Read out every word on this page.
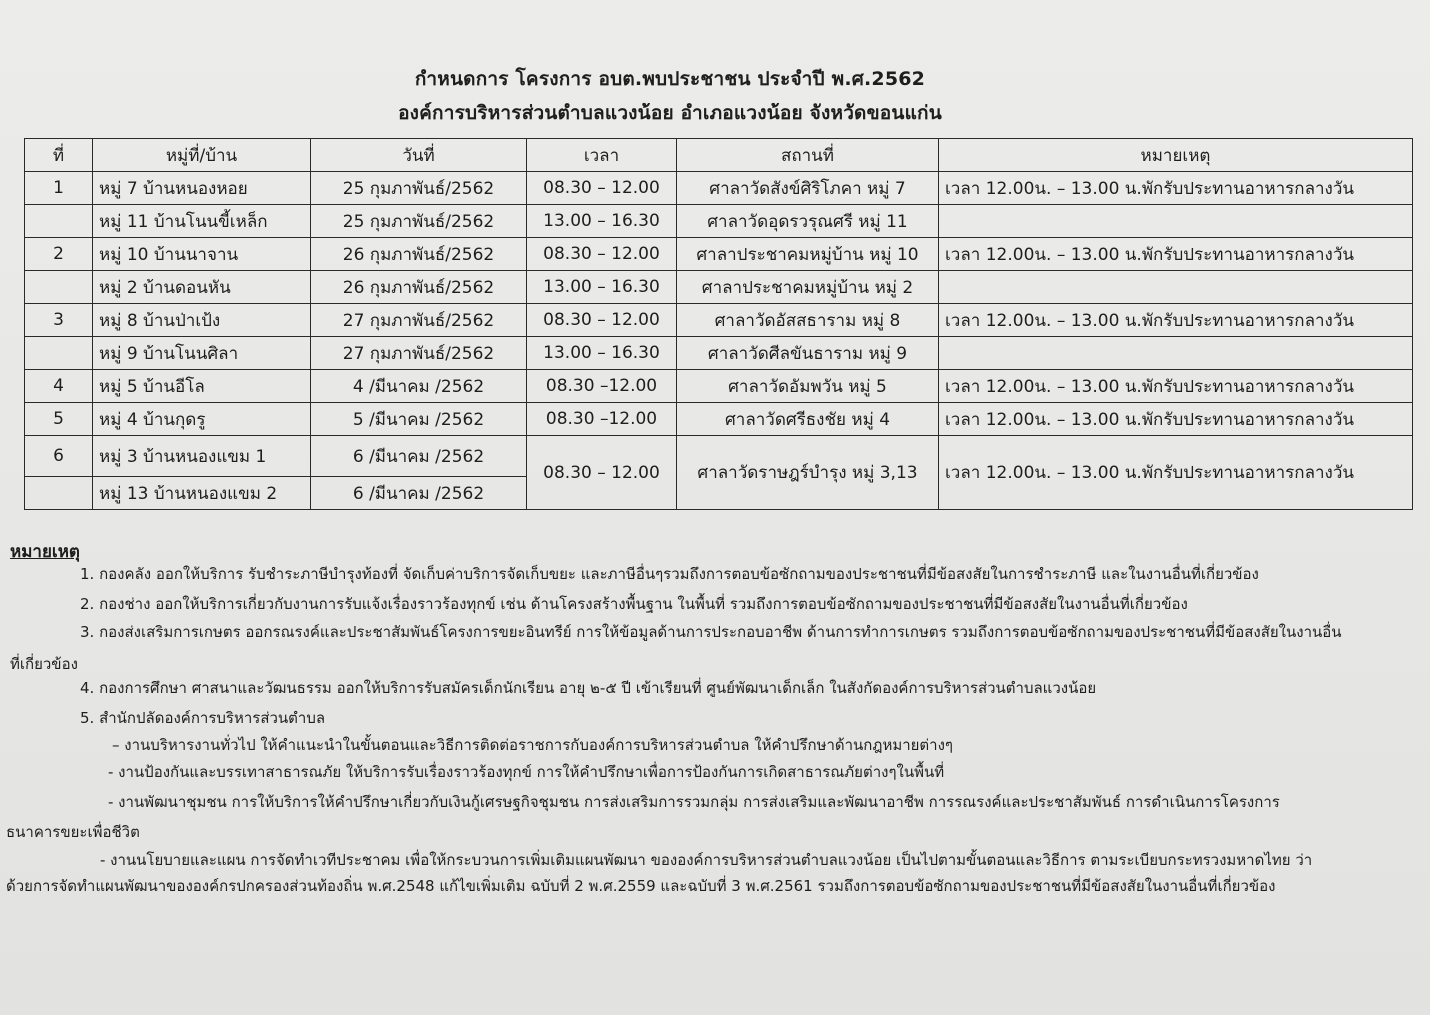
กำหนดการ โครงการ อบต.พบประชาชน ประจำปี พ.ศ.2562
องค์การบริหารส่วนตำบลแวงน้อย อำเภอแวงน้อย จังหวัดขอนแก่น
ที่	หมู่ที่/บ้าน	วันที่	เวลา	สถานที่	หมายเหตุ
1	หมู่ 7 บ้านหนองหอย	25 กุมภาพันธ์/2562	08.30 – 12.00	ศาลาวัดสังข์ศิริโภคา หมู่ 7	เวลา 12.00น. – 13.00 น.พักรับประทานอาหารกลางวัน
	หมู่ 11 บ้านโนนขี้เหล็ก	25 กุมภาพันธ์/2562	13.00 – 16.30	ศาลาวัดอุดรวรุณศรี หมู่ 11	
2	หมู่ 10 บ้านนาจาน	26 กุมภาพันธ์/2562	08.30 – 12.00	ศาลาประชาคมหมู่บ้าน หมู่ 10	เวลา 12.00น. – 13.00 น.พักรับประทานอาหารกลางวัน
	หมู่ 2 บ้านดอนหัน	26 กุมภาพันธ์/2562	13.00 – 16.30	ศาลาประชาคมหมู่บ้าน หมู่ 2	
3	หมู่ 8 บ้านป่าเป้ง	27 กุมภาพันธ์/2562	08.30 – 12.00	ศาลาวัดอัสสธาราม หมู่ 8	เวลา 12.00น. – 13.00 น.พักรับประทานอาหารกลางวัน
	หมู่ 9 บ้านโนนศิลา	27 กุมภาพันธ์/2562	13.00 – 16.30	ศาลาวัดศีลขันธาราม หมู่ 9	
4	หมู่ 5 บ้านอีโล	4 /มีนาคม /2562	08.30 –12.00	ศาลาวัดอัมพวัน หมู่ 5	เวลา 12.00น. – 13.00 น.พักรับประทานอาหารกลางวัน
5	หมู่ 4 บ้านกุดรู	5 /มีนาคม /2562	08.30 –12.00	ศาลาวัดศรีธงชัย หมู่ 4	เวลา 12.00น. – 13.00 น.พักรับประทานอาหารกลางวัน
6	หมู่ 3 บ้านหนองแขม 1	6 /มีนาคม /2562	08.30 – 12.00	ศาลาวัดราษฎร์บำรุง หมู่ 3,13	เวลา 12.00น. – 13.00 น.พักรับประทานอาหารกลางวัน
	หมู่ 13 บ้านหนองแขม 2	6 /มีนาคม /2562			
หมายเหตุ
1. กองคลัง ออกให้บริการ รับชำระภาษีบำรุงท้องที่ จัดเก็บค่าบริการจัดเก็บขยะ และภาษีอื่นๆรวมถึงการตอบข้อซักถามของประชาชนที่มีข้อสงสัยในการชำระภาษี และในงานอื่นที่เกี่ยวข้อง
2. กองช่าง ออกให้บริการเกี่ยวกับงานการรับแจ้งเรื่องราวร้องทุกข์ เช่น ด้านโครงสร้างพื้นฐาน ในพื้นที่ รวมถึงการตอบข้อซักถามของประชาชนที่มีข้อสงสัยในงานอื่นที่เกี่ยวข้อง
3. กองส่งเสริมการเกษตร ออกรณรงค์และประชาสัมพันธ์โครงการขยะอินทรีย์ การให้ข้อมูลด้านการประกอบอาชีพ ด้านการทำการเกษตร รวมถึงการตอบข้อซักถามของประชาชนที่มีข้อสงสัยในงานอื่น
ที่เกี่ยวข้อง
4. กองการศึกษา ศาสนาและวัฒนธรรม ออกให้บริการรับสมัครเด็กนักเรียน อายุ ๒-๕ ปี เข้าเรียนที่ ศูนย์พัฒนาเด็กเล็ก ในสังกัดองค์การบริหารส่วนตำบลแวงน้อย
5. สำนักปลัดองค์การบริหารส่วนตำบล
– งานบริหารงานทั่วไป ให้คำแนะนำในขั้นตอนและวิธีการติดต่อราชการกับองค์การบริหารส่วนตำบล ให้คำปรึกษาด้านกฎหมายต่างๆ
- งานป้องกันและบรรเทาสาธารณภัย ให้บริการรับเรื่องราวร้องทุกข์ การให้คำปรึกษาเพื่อการป้องกันการเกิดสาธารณภัยต่างๆในพื้นที่
- งานพัฒนาชุมชน การให้บริการให้คำปรึกษาเกี่ยวกับเงินกู้เศรษฐกิจชุมชน การส่งเสริมการรวมกลุ่ม การส่งเสริมและพัฒนาอาชีพ การรณรงค์และประชาสัมพันธ์ การดำเนินการโครงการ
ธนาคารขยะเพื่อชีวิต
- งานนโยบายและแผน การจัดทำเวทีประชาคม เพื่อให้กระบวนการเพิ่มเติมแผนพัฒนา ขององค์การบริหารส่วนตำบลแวงน้อย เป็นไปตามขั้นตอนและวิธีการ ตามระเบียบกระทรวงมหาดไทย ว่า
ด้วยการจัดทำแผนพัฒนาขององค์กรปกครองส่วนท้องถิ่น พ.ศ.2548 แก้ไขเพิ่มเติม ฉบับที่ 2 พ.ศ.2559 และฉบับที่ 3 พ.ศ.2561 รวมถึงการตอบข้อซักถามของประชาชนที่มีข้อสงสัยในงานอื่นที่เกี่ยวข้อง
